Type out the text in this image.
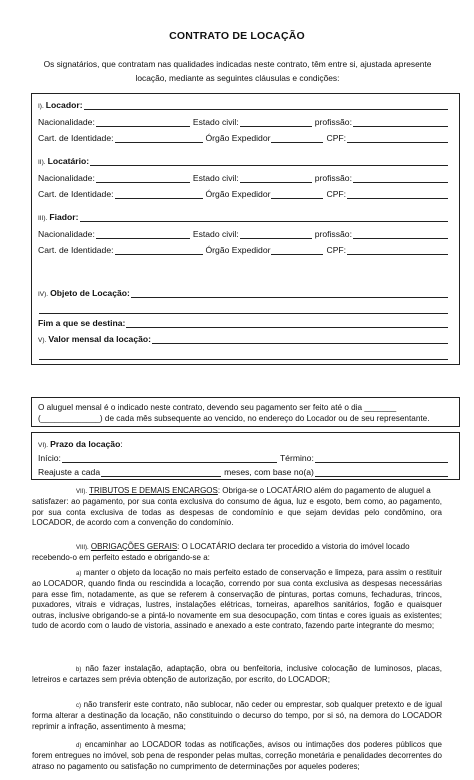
CONTRATO DE LOCAÇÃO
Os signatários, que contratam nas qualidades indicadas neste contrato, têm entre si, ajustada apresente
locação, mediante as seguintes cláusulas e condições:
I). Locador :
Nacionalidade:	Estado civil:	profissão:
Cart. de Identidade:	Órgão Expedidor	CPF:
II). Locatário :
Nacionalidade:	Estado civil:	profissão:
Cart. de Identidade:	Órgão Expedidor	CPF:
III). Fiador :
Nacionalidade:	Estado civil:	profissão:
Cart. de Identidade:	Órgão Expedidor	CPF:
IV). Objeto de Locação :
Fim a que se destina :
V). Valor mensal da locação :
O aluguel mensal é o indicado neste contrato, devendo seu pagamento ser feito até o dia _______
(_____________) de cada mês subsequente ao vencido, no endereço do Locador ou de seu representante.
VI). Prazo da locação :
Início:	Término:
Reajuste a cada	meses, com base no(a)
VII). TRIBUTOS E DEMAIS ENCARGOS: Obriga-se o LOCATÁRIO além do pagamento de aluguel a
satisfazer: ao pagamento, por sua conta exclusiva do consumo de água, luz e esgoto, bem como, ao pagamento, por sua conta exclusiva de todas as despesas de condomínio e que sejam devidas pelo condômino, ora LOCADOR, de acordo com a convenção do condomínio.
VIII). OBRIGAÇÕES GERAIS: O LOCATÁRIO declara ter procedido a vistoria do imóvel locado
recebendo-o em perfeito estado e obrigando-se a:
a) manter o objeto da locação no mais perfeito estado de conservação e limpeza, para assim o restituir ao LOCADOR, quando finda ou rescindida a locação, correndo por sua conta exclusiva as despesas necessárias para esse fim, notadamente, as que se referem à conservação de pinturas, portas comuns, fechaduras, trincos, puxadores, vitrais e vidraças, lustres, instalações elétricas, torneiras, aparelhos sanitários, fogão e quaisquer outras, inclusive obrigando-se a pintá-lo novamente em sua desocupação, com tintas e cores iguais as existentes; tudo de acordo com o laudo de vistoria, assinado e anexado a este contrato, fazendo parte integrante do mesmo;
b) não fazer instalação, adaptação, obra ou benfeitoria, inclusive colocação de luminosos, placas, letreiros e cartazes sem prévia obtenção de autorização, por escrito, do LOCADOR;
c) não transferir este contrato, não sublocar, não ceder ou emprestar, sob qualquer pretexto e de igual forma alterar a destinação da locação, não constituindo o decurso do tempo, por si só, na demora do LOCADOR reprimir a infração, assentimento à mesma;
d) encaminhar ao LOCADOR todas as notificações, avisos ou intimações dos poderes públicos que forem entregues no imóvel, sob pena de responder pelas multas, correção monetária e penalidades decorrentes do atraso no pagamento ou satisfação no cumprimento de determinações por aqueles poderes;
